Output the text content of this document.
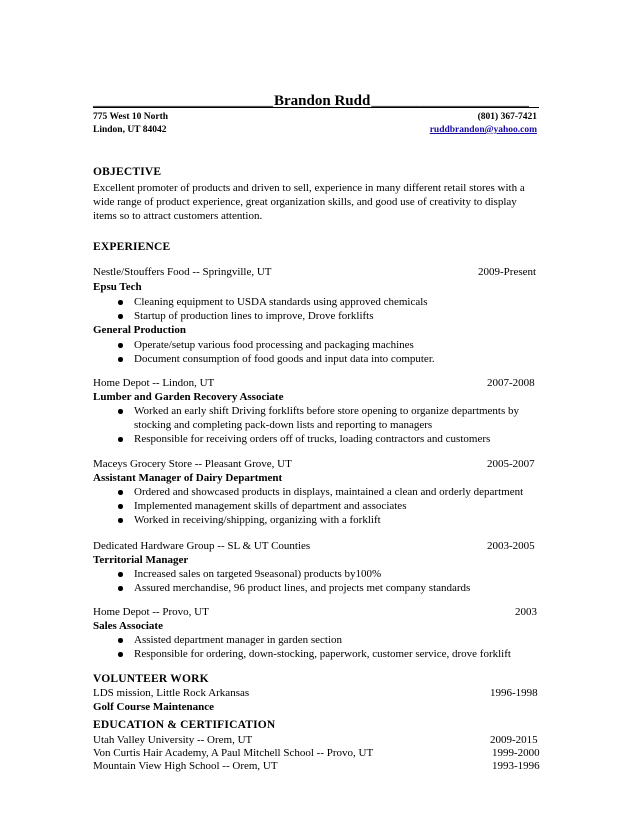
________________________Brandon Rudd_____________________
775 West 10 North
Lindon, UT 84042
(801) 367-7421
ruddbrandon@yahoo.com
OBJECTIVE
Excellent promoter of products and driven to sell, experience in many different retail stores with a
wide range of product experience, great organization skills, and good use of creativity to display
items so to attract customers attention.
EXPERIENCE
Nestle/Stouffers Food -- Springville, UT	2009-Present
Epsu Tech
Cleaning equipment to USDA standards using approved chemicals
Startup of production lines to improve, Drove forklifts
General Production
Operate/setup various food processing and packaging machines
Document consumption of food goods and input data into computer.
Home Depot -- Lindon, UT	2007-2008
Lumber and Garden Recovery Associate
Worked an early shift Driving forklifts before store opening to organize departments by
stocking and completing pack-down lists and reporting to managers
Responsible for receiving orders off of trucks, loading contractors and customers
Maceys Grocery Store -- Pleasant Grove, UT	2005-2007
Assistant Manager of Dairy Department
Ordered and showcased products in displays, maintained a clean and orderly department
Implemented management skills of department and associates
Worked in receiving/shipping, organizing with a forklift
Dedicated Hardware Group -- SL & UT Counties	2003-2005
Territorial Manager
Increased sales on targeted 9seasonal) products by100%
Assured merchandise, 96 product lines, and projects met company standards
Home Depot -- Provo, UT	2003
Sales Associate
Assisted department manager in garden section
Responsible for ordering, down-stocking, paperwork, customer service, drove forklift
VOLUNTEER WORK
LDS mission, Little Rock Arkansas	1996-1998
Golf Course Maintenance
EDUCATION & CERTIFICATION
Utah Valley University -- Orem, UT	2009-2015
Von Curtis Hair Academy, A Paul Mitchell School -- Provo, UT	1999-2000
Mountain View High School -- Orem, UT	1993-1996
